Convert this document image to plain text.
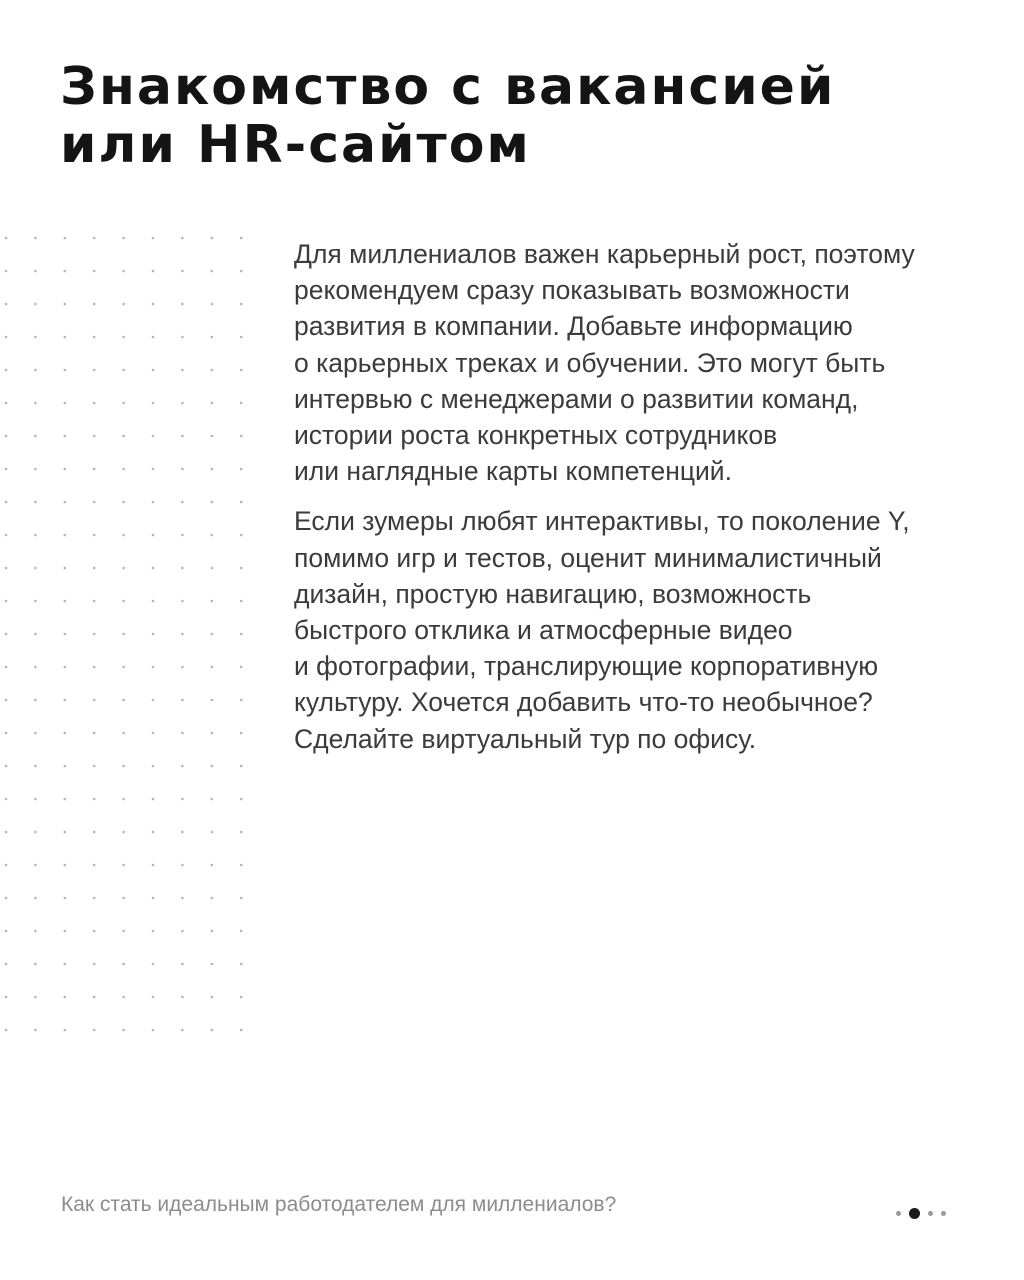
Знакомство с вакансией
или HR-сайтом

Для миллениалов важен карьерный рост, поэтому
рекомендуем сразу показывать возможности
развития в компании. Добавьте информацию
о карьерных треках и обучении. Это могут быть
интервью с менеджерами о развитии команд,
истории роста конкретных сотрудников
или наглядные карты компетенций.

Если зумеры любят интерактивы, то поколение Y,
помимо игр и тестов, оценит минималистичный
дизайн, простую навигацию, возможность
быстрого отклика и атмосферные видео
и фотографии, транслирующие корпоративную
культуру. Хочется добавить что-то необычное?
Сделайте виртуальный тур по офису.

Как стать идеальным работодателем для миллениалов?
